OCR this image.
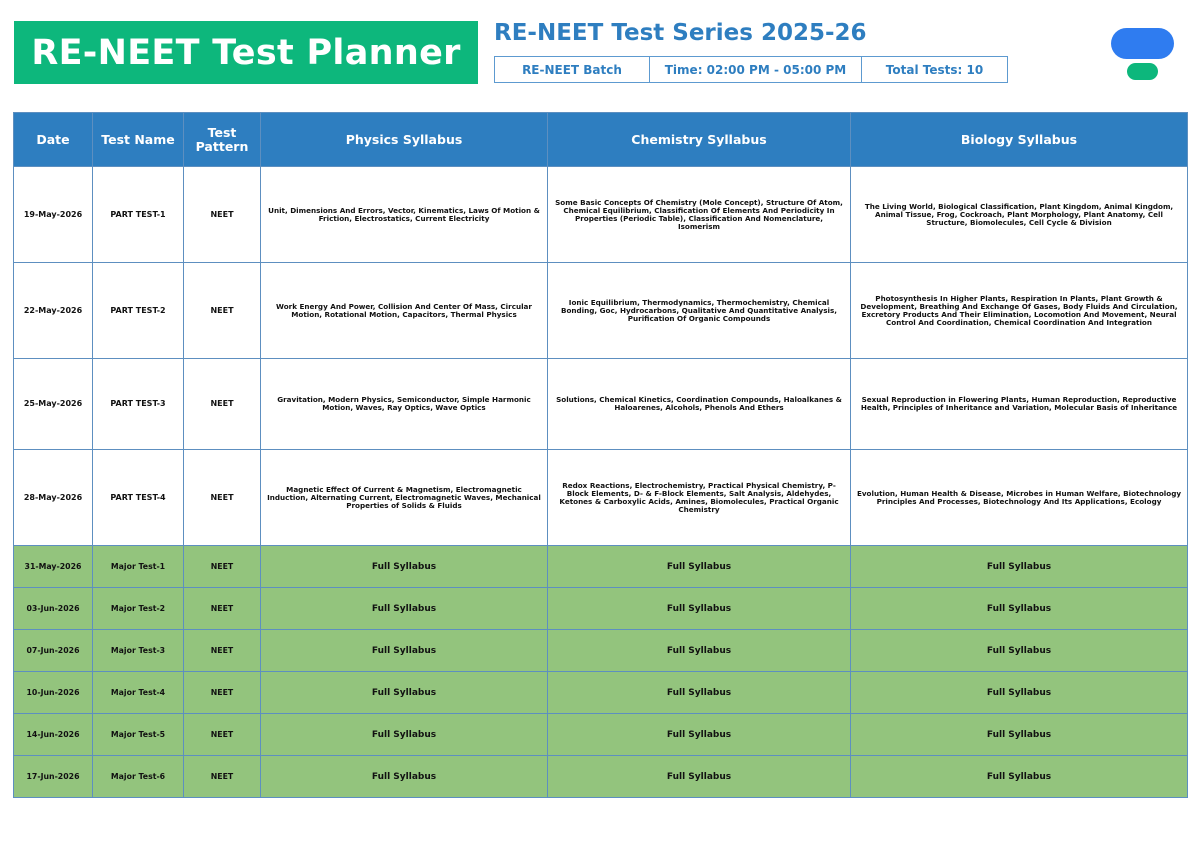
RE-NEET Test Planner RE-NEET Test Series 2025-26
RE-NEET Batch	Time: 02:00 PM - 05:00 PM	Total Tests: 10
Date	Test Name	Test Pattern	Physics Syllabus	Chemistry Syllabus	Biology Syllabus
19-May-2026	PART TEST-1	NEET	Unit, Dimensions And Errors, Vector, Kinematics, Laws Of Motion & Friction, Electrostatics, Current Electricity	Some Basic Concepts Of Chemistry (Mole Concept), Structure Of Atom, Chemical Equilibrium, Classification Of Elements And Periodicity In Properties (Periodic Table), Classification And Nomenclature, Isomerism	The Living World, Biological Classification, Plant Kingdom, Animal Kingdom, Animal Tissue, Frog, Cockroach, Plant Morphology, Plant Anatomy, Cell Structure, Biomolecules, Cell Cycle & Division
22-May-2026	PART TEST-2	NEET	Work Energy And Power, Collision And Center Of Mass, Circular Motion, Rotational Motion, Capacitors, Thermal Physics	Ionic Equilibrium, Thermodynamics, Thermochemistry, Chemical Bonding, Goc, Hydrocarbons, Qualitative And Quantitative Analysis, Purification Of Organic Compounds	Photosynthesis In Higher Plants, Respiration In Plants, Plant Growth & Development, Breathing And Exchange Of Gases, Body Fluids And Circulation, Excretory Products And Their Elimination, Locomotion And Movement, Neural Control And Coordination, Chemical Coordination And Integration
25-May-2026	PART TEST-3	NEET	Gravitation, Modern Physics, Semiconductor, Simple Harmonic Motion, Waves, Ray Optics, Wave Optics	Solutions, Chemical Kinetics, Coordination Compounds, Haloalkanes & Haloarenes, Alcohols, Phenols And Ethers	Sexual Reproduction in Flowering Plants, Human Reproduction, Reproductive Health, Principles of Inheritance and Variation, Molecular Basis of Inheritance
28-May-2026	PART TEST-4	NEET	Magnetic Effect Of Current & Magnetism, Electromagnetic Induction, Alternating Current, Electromagnetic Waves, Mechanical Properties of Solids & Fluids	Redox Reactions, Electrochemistry, Practical Physical Chemistry, P-Block Elements, D- & F-Block Elements, Salt Analysis, Aldehydes, Ketones & Carboxylic Acids, Amines, Biomolecules, Practical Organic Chemistry	Evolution, Human Health & Disease, Microbes in Human Welfare, Biotechnology Principles And Processes, Biotechnology And Its Applications, Ecology
31-May-2026	Major Test-1	NEET	Full Syllabus	Full Syllabus	Full Syllabus
03-Jun-2026	Major Test-2	NEET	Full Syllabus	Full Syllabus	Full Syllabus
07-Jun-2026	Major Test-3	NEET	Full Syllabus	Full Syllabus	Full Syllabus
10-Jun-2026	Major Test-4	NEET	Full Syllabus	Full Syllabus	Full Syllabus
14-Jun-2026	Major Test-5	NEET	Full Syllabus	Full Syllabus	Full Syllabus
17-Jun-2026	Major Test-6	NEET	Full Syllabus	Full Syllabus	Full Syllabus
